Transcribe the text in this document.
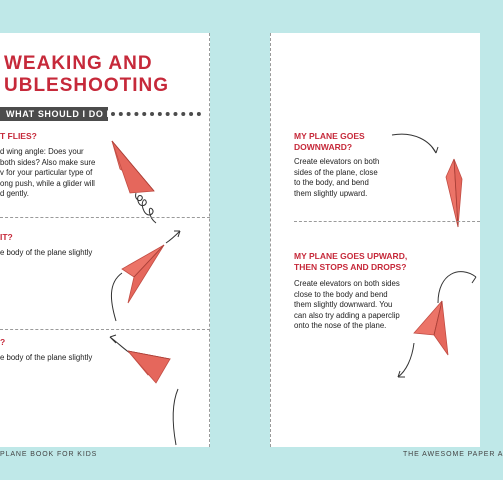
WEAKING AND
UBLESHOOTING
WHAT SHOULD I DO IF:
T FLIES?
d wing angle: Does your
both sides? Also make sure
v for your particular type of
ong push, while a glider will
d gently.
IT?
e body of the plane slightly
?
e body of the plane slightly
MY PLANE GOES
DOWNWARD?
Create elevators on both
sides of the plane, close
to the body, and bend
them slightly upward.
MY PLANE GOES UPWARD,
THEN STOPS AND DROPS?
Create elevators on both sides
close to the body and bend
them slightly downward. You
can also try adding a paperclip
onto the nose of the plane.
PLANE BOOK FOR KIDS	THE AWESOME PAPER A
